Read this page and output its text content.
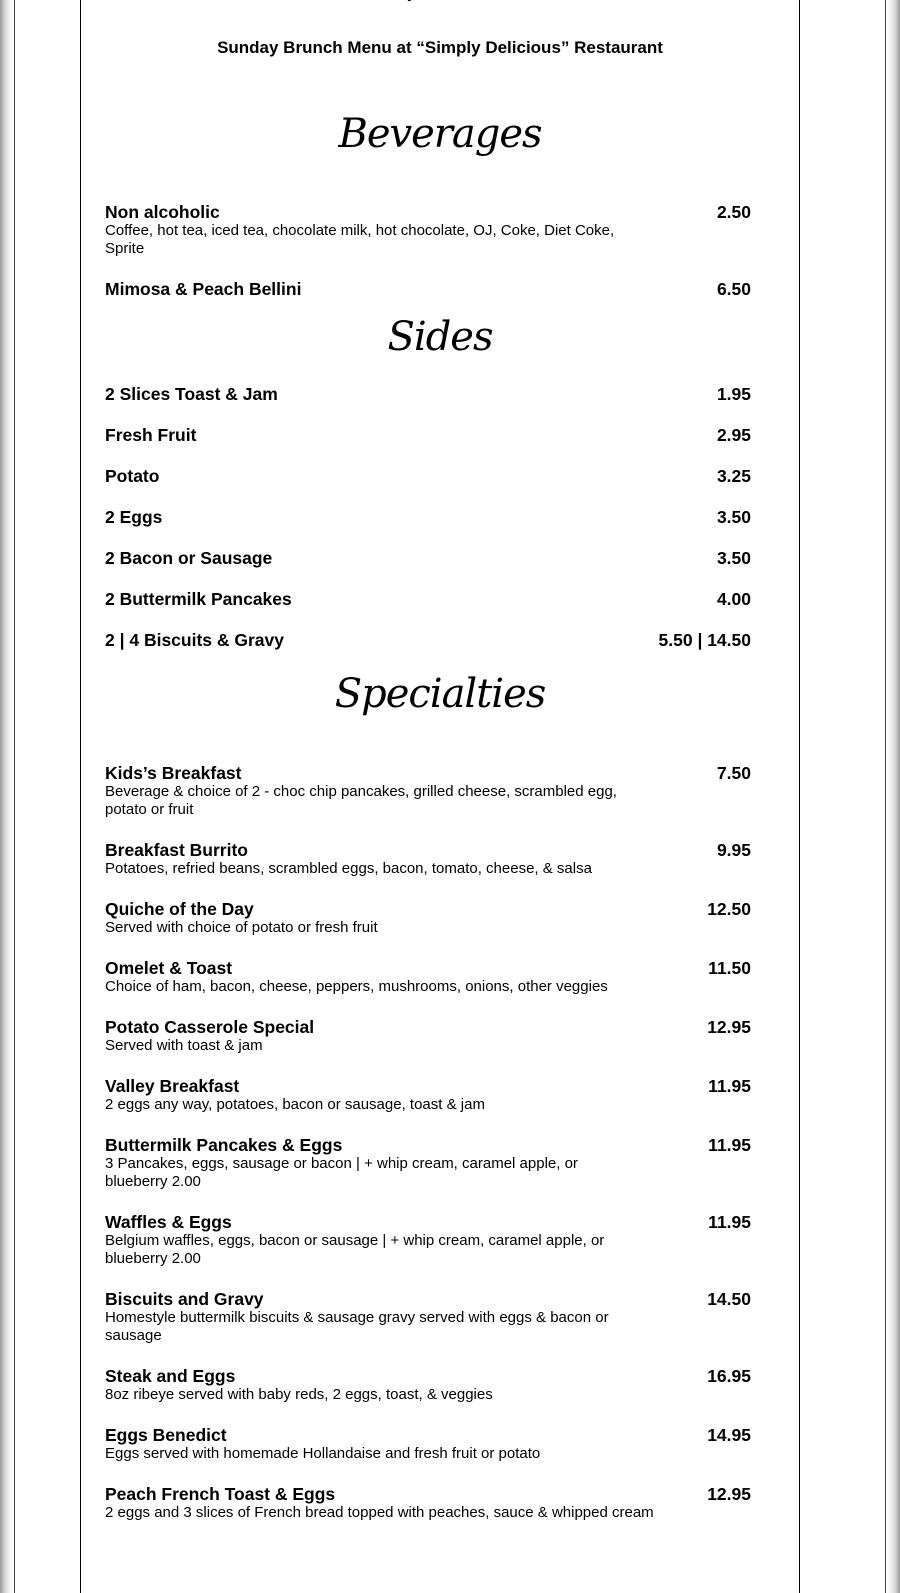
Sunday Brunch Menu at “Simply Delicious” Restaurant
Beverages
Non alcoholic
Coffee, hot tea, iced tea, chocolate milk, hot chocolate, OJ, Coke, Diet Coke, Sprite
2.50
Mimosa & Peach Bellini	6.50
Sides
2 Slices Toast & Jam	1.95
Fresh Fruit	2.95
Potato	3.25
2 Eggs	3.50
2 Bacon or Sausage	3.50
2 Buttermilk Pancakes	4.00
2 | 4 Biscuits & Gravy	5.50 | 14.50
Specialties
Kids’s Breakfast
Beverage & choice of 2 - choc chip pancakes, grilled cheese, scrambled egg, potato or fruit
7.50
Breakfast Burrito
Potatoes, refried beans, scrambled eggs, bacon, tomato, cheese, & salsa
9.95
Quiche of the Day
Served with choice of potato or fresh fruit
12.50
Omelet & Toast
Choice of ham, bacon, cheese, peppers, mushrooms, onions, other veggies
11.50
Potato Casserole Special
Served with toast & jam
12.95
Valley Breakfast
2 eggs any way, potatoes, bacon or sausage, toast & jam
11.95
Buttermilk Pancakes & Eggs
3 Pancakes, eggs, sausage or bacon | + whip cream, caramel apple, or blueberry 2.00
11.95
Waffles & Eggs
Belgium waffles, eggs, bacon or sausage | + whip cream, caramel apple, or blueberry 2.00
11.95
Biscuits and Gravy
Homestyle buttermilk biscuits & sausage gravy served with eggs & bacon or sausage
14.50
Steak and Eggs
8oz ribeye served with baby reds, 2 eggs, toast, & veggies
16.95
Eggs Benedict
Eggs served with homemade Hollandaise and fresh fruit or potato
14.95
Peach French Toast & Eggs
2 eggs and 3 slices of French bread topped with peaches, sauce & whipped cream
12.95
